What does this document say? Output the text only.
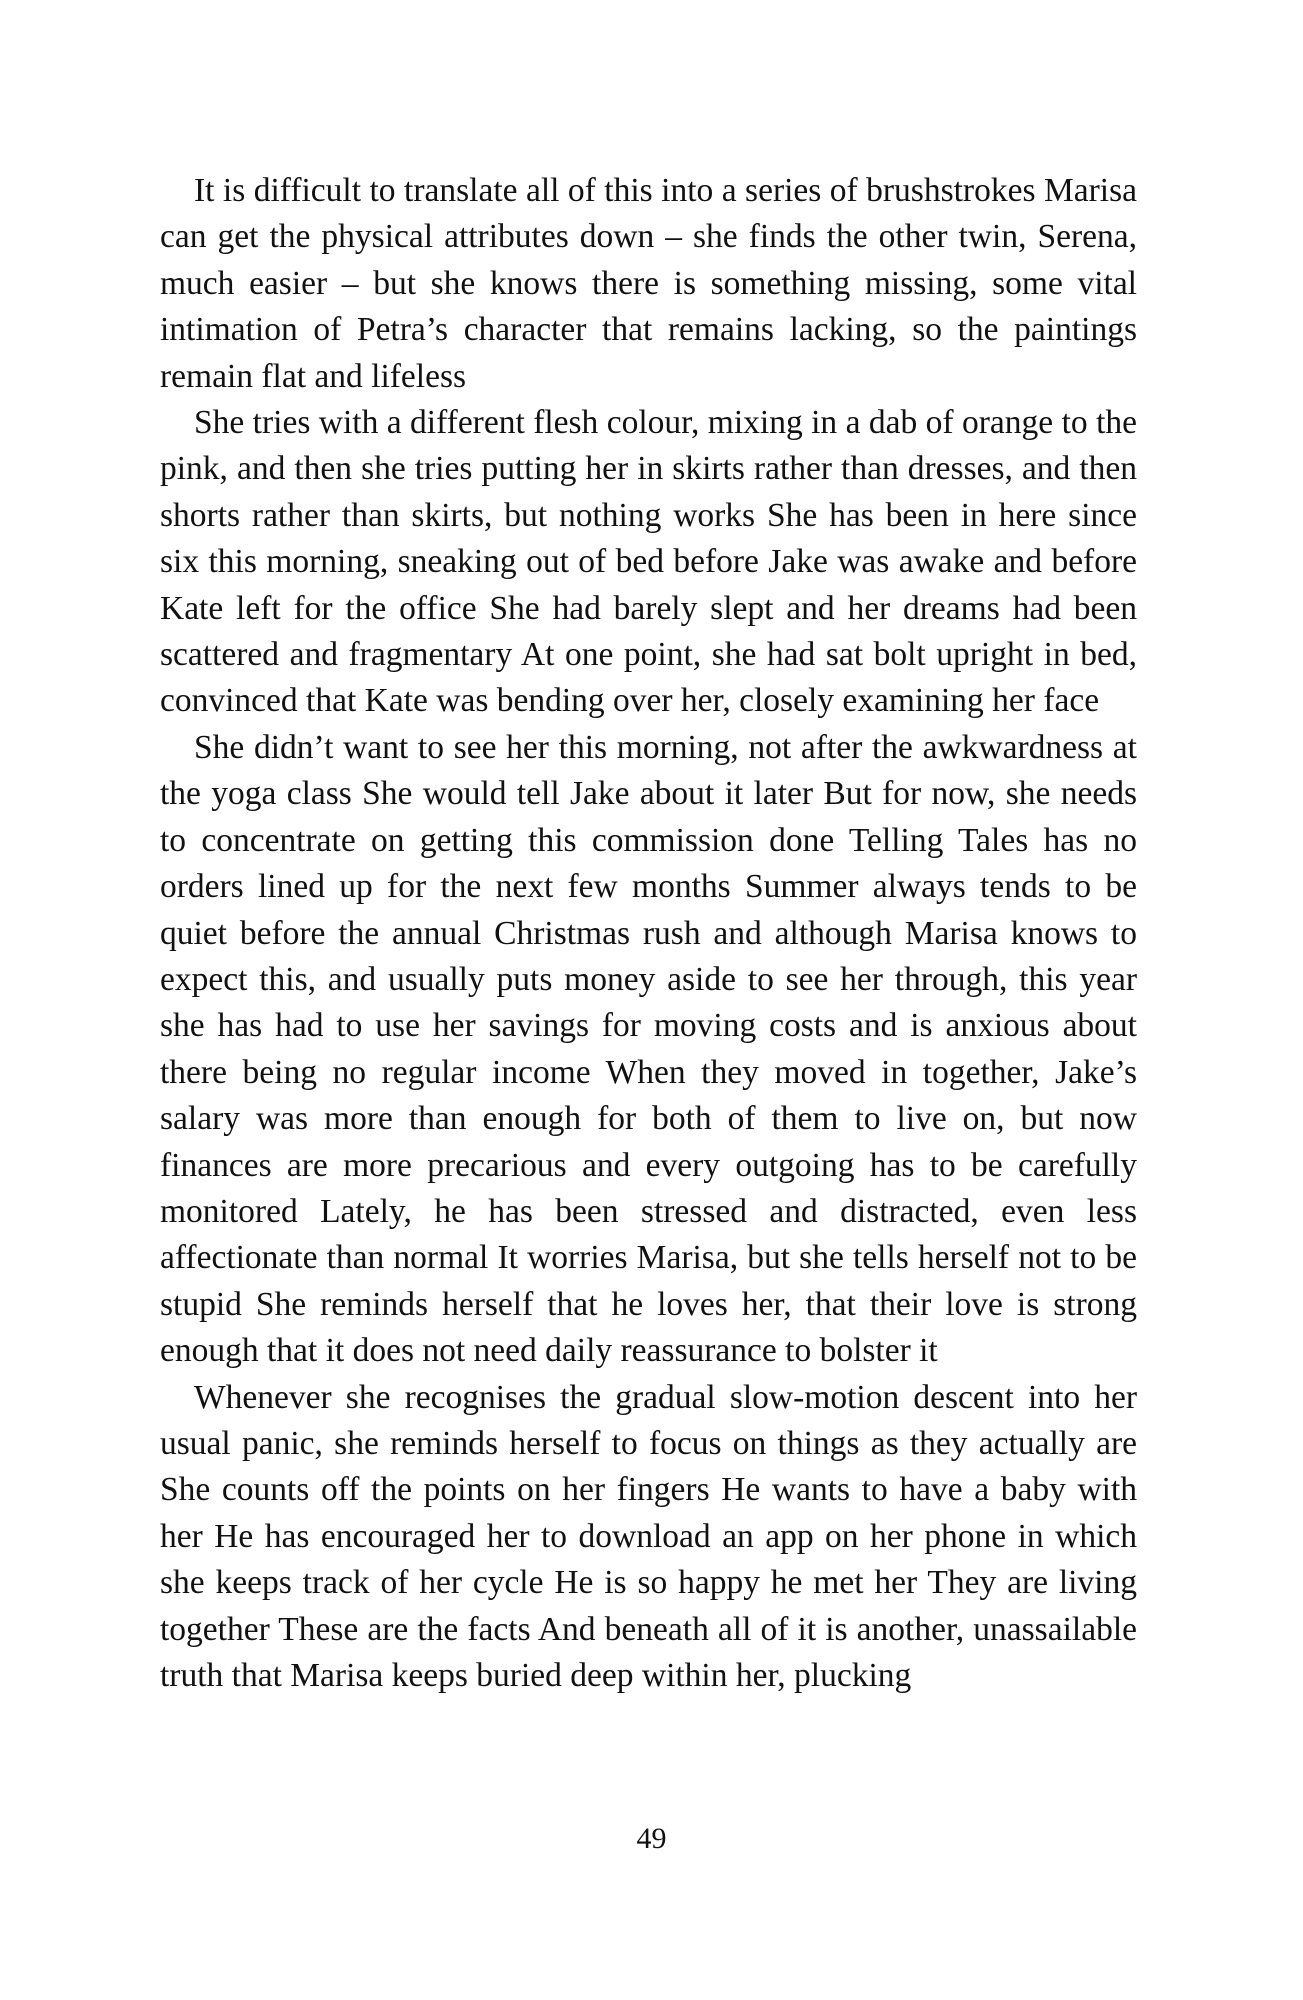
It is difficult to translate all of this into a series of brushstrokes Marisa can get the physical attributes down – she finds the other twin, Serena, much easier – but she knows there is something missing, some vital intimation of Petra’s character that remains lacking, so the paintings remain flat and lifeless

She tries with a different flesh colour, mixing in a dab of orange to the pink, and then she tries putting her in skirts rather than dresses, and then shorts rather than skirts, but nothing works She has been in here since six this morning, sneaking out of bed before Jake was awake and before Kate left for the office She had barely slept and her dreams had been scattered and fragmentary At one point, she had sat bolt upright in bed, convinced that Kate was bending over her, closely examining her face

She didn’t want to see her this morning, not after the awkwardness at the yoga class She would tell Jake about it later But for now, she needs to concentrate on getting this commission done Telling Tales has no orders lined up for the next few months Summer always tends to be quiet before the annual Christmas rush and although Marisa knows to expect this, and usually puts money aside to see her through, this year she has had to use her savings for moving costs and is anxious about there being no regular income When they moved in together, Jake’s salary was more than enough for both of them to live on, but now finances are more precarious and every outgoing has to be carefully monitored Lately, he has been stressed and distracted, even less affectionate than normal It worries Marisa, but she tells herself not to be stupid She reminds herself that he loves her, that their love is strong enough that it does not need daily reassurance to bolster it

Whenever she recognises the gradual slow-motion descent into her usual panic, she reminds herself to focus on things as they actually are She counts off the points on her fingers He wants to have a baby with her He has encouraged her to download an app on her phone in which she keeps track of her cycle He is so happy he met her They are living together These are the facts And beneath all of it is another, unassailable truth that Marisa keeps buried deep within her, plucking

49
